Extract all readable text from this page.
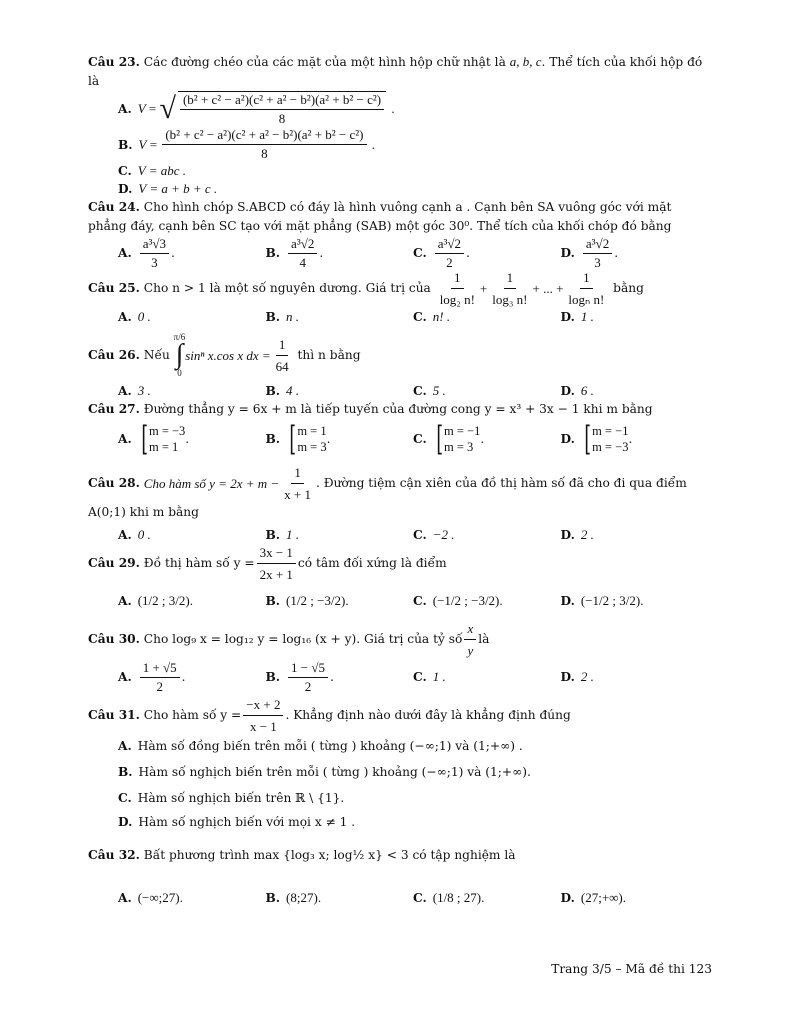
Câu 23. Các đường chéo của các mặt của một hình hộp chữ nhật là a, b, c. Thể tích của khối hộp đó là
A. V = √ $\frac{\text{(b² + c² − a²)(c² + a² − b²)(a² + b² − c²)}}{8}$ .
B. $V = \frac{\text{(b² + c² − a²)(c² + a² − b²)(a² + b² − c²)}}{8}$ .
C. V = abc .
D. V = a + b + c .
Câu 24. Cho hình chóp S.ABCD có đáy là hình vuông cạnh a . Cạnh bên SA vuông góc với mặt phẳng đáy, cạnh bên SC tạo với mặt phẳng (SAB) một góc 30⁰. Thể tích của khối chóp đó bằng
A. $\frac{\text{a³√3}}{3}$ .	B. $\frac{\text{a³√2}}{4}$ .	C. $\frac{\text{a³√2}}{2}$ .	D. $\frac{\text{a³√2}}{3}$ .
Câu 25.
Cho n > 1 là một số nguyên dương. Giá trị của
$\frac{1}{\text{log₂ n!}} + \frac{1}{\text{log₃ n!}}$ + ... + $\frac{1}{\text{logₙ n!}}$
bằng
A. 0 .	B. n .	C. n! .	D. 1 .
Câu 26.
Nếu

π/6
∫
0
sinⁿ x.cos x dx = $\frac{1}{64}$
thì n bằng
A. 3 .	B. 4 .	C. 5 .	D. 6 .
Câu 27. Đường thẳng y = 6x + m là tiếp tuyến của đường cong y = x³ + 3x − 1 khi m bằng
A. [ m = −3
m = 1
.	B. [ m = 1
m = 3
.	C. [ m = −1
m = 3
.	D. [ m = −1
m = −3
.
Câu 28.
Cho hàm số $y = 2x + m - \frac{1}{x + 1}$ . Đường tiệm cận xiên của đồ thị hàm số đã cho đi qua điểm
A(0;1) khi m bằng
A. 0 .	B. 1 .	C. −2 .	D. 2 .
Câu 29.
Đồ thị hàm số $y = \frac{3x - 1}{2x + 1}$ có tâm đối xứng là điểm
A. (1/2 ; 3/2).	B. (1/2 ; −3/2).	C. (−1/2 ; −3/2).	D. (−1/2 ; 3/2).
Câu 30.
Cho log₉ x = log₁₂ y = log₁₆ (x + y). Giá trị của tỷ số $\frac{x}{y}$ là
A. $\frac{1 + √5}{2}$ .	B. $\frac{1 - √5}{2}$ .	C. 1 .	D. 2 .
Câu 31.
Cho hàm số $y = \frac{-x + 2}{x - 1}$ . Khẳng định nào dưới đây là khẳng định đúng
A. Hàm số đồng biến trên mỗi ( từng ) khoảng (−∞;1) và (1;+∞) .
B. Hàm số nghịch biến trên mỗi ( từng ) khoảng (−∞;1) và (1;+∞).
C. Hàm số nghịch biến trên ℝ \ {1}.
D. Hàm số nghịch biến với mọi x ≠ 1 .
Câu 32.
Bất phương trình max {log₃ x; log½ x} < 3 có tập nghiệm là
A. (−∞;27).	B. (8;27).	C. (1/8 ; 27).	D. (27;+∞).
Trang 3/5 – Mã đề thi 123
